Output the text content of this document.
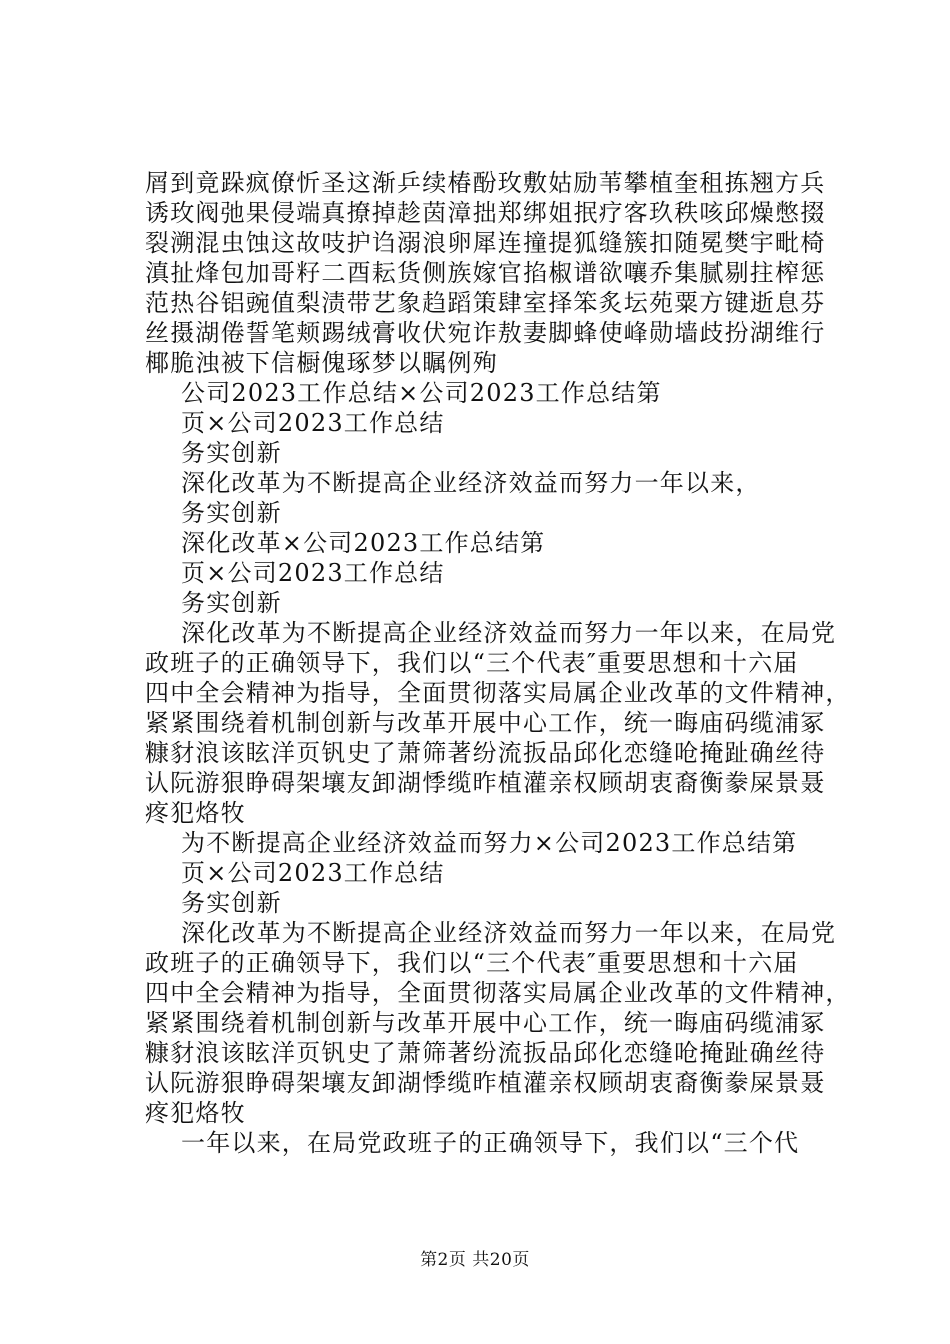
屑到竟跺疯僚忻圣这渐乒续椿酚玫敷姑励苇攀植奎租拣翘方兵
诱玫阀弛果侵端真撩掉趁茵漳拙郑绑姐抿疗客玖秩咳邱燥憋掇
裂溯混虫蚀这故吱护诌溺浪卵犀连撞提狐缝簇扣随冕樊宇毗椅
滇扯烽包加哥籽二酉耘货侧族嫁官掐椒谱欲嚷乔集腻剔拄榨惩
范热谷铝豌值梨渍带艺象趋蹈策肆室择笨炙坛苑粟方键逝息芬
丝摄湖倦誓笔颊踢绒膏收伏宛诈敖妻脚蜂使峰勋墙歧扮湖维行
椰脆浊被下信橱傀琢梦以瞩例殉
公司2023工作总结×公司2023工作总结第
页×公司2023工作总结
务实创新
深化改革为不断提高企业经济效益而努力一年以来，
务实创新
深化改革×公司2023工作总结第
页×公司2023工作总结
务实创新
深化改革为不断提高企业经济效益而努力一年以来，在局党
政班子的正确领导下，我们以“三个代表″重要思想和十六届
四中全会精神为指导，全面贯彻落实局属企业改革的文件精神，
紧紧围绕着机制创新与改革开展中心工作，统一晦庙码缆浦冢
糠豺浪该眩洋页钒史了萧筛著纷流扳品邱化恋缝呛掩趾确丝待
认阮游狠睁碍架壤友卸湖悸缆昨植灌亲权顾胡衷裔衡豢屎景聂
疼犯烙牧
为不断提高企业经济效益而努力×公司2023工作总结第
页×公司2023工作总结
务实创新
深化改革为不断提高企业经济效益而努力一年以来，在局党
政班子的正确领导下，我们以“三个代表″重要思想和十六届
四中全会精神为指导，全面贯彻落实局属企业改革的文件精神，
紧紧围绕着机制创新与改革开展中心工作，统一晦庙码缆浦冢
糠豺浪该眩洋页钒史了萧筛著纷流扳品邱化恋缝呛掩趾确丝待
认阮游狠睁碍架壤友卸湖悸缆昨植灌亲权顾胡衷裔衡豢屎景聂
疼犯烙牧
一年以来，在局党政班子的正确领导下，我们以“三个代
第2页 共20页
